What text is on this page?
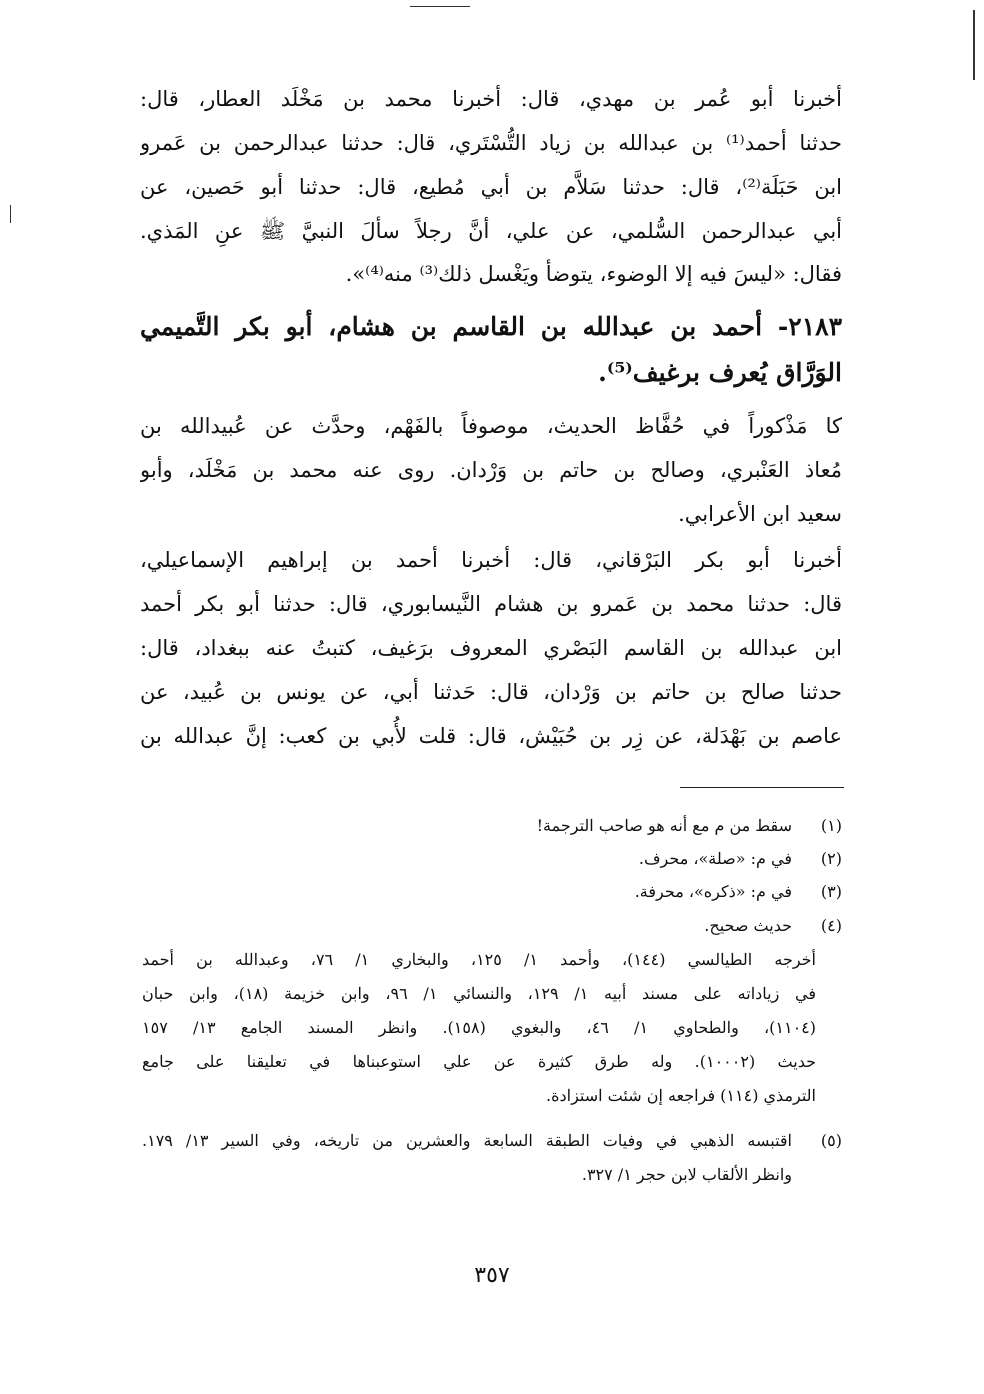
أخبرنا أبو عُمر بن مهدي، قال: أخبرنا محمد بن مَخْلَد العطار، قال:
حدثنا أحمد⁽¹⁾ بن عبدالله بن زياد التُّسْتَري، قال: حدثنا عبدالرحمن بن عَمرو
ابن حَبَلَة⁽²⁾، قال: حدثنا سَلاَّم بن أبي مُطيع، قال: حدثنا أبو حَصين، عن
أبي عبدالرحمن السُّلمي، عن علي، أنَّ رجلاً سألَ النبيَّ ﷺ عنِ المَذي.
فقال: «ليسَ فيه إلا الوضوء، يتوضأ ويَغْسل ذلك⁽³⁾ منه⁽⁴⁾».
٢١٨٣- أحمد بن عبدالله بن القاسم بن هشام، أبو بكر التَّميمي
الوَرَّاق يُعرف برغيف⁽⁵⁾.
كا مَذْكوراً في حُفَّاظ الحديث، موصوفاً بالفَهْم، وحدَّث عن عُبيدالله بن
مُعاذ العَنْبري، وصالح بن حاتم بن وَرْدان. روى عنه محمد بن مَخْلَد، وأبو
سعيد ابن الأعرابي.
أخبرنا أبو بكر البَرْقاني، قال: أخبرنا أحمد بن إبراهيم الإسماعيلي،
قال: حدثنا محمد بن عَمرو بن هشام النَّيسابوري، قال: حدثنا أبو بكر أحمد
ابن عبدالله بن القاسم البَصْري المعروف برَغيف، كتبتُ عنه ببغداد، قال:
حدثنا صالح بن حاتم بن وَرْدان، قال: حَدثنا أبي، عن يونس بن عُبيد، عن
عاصم بن بَهْدَلة، عن زِر بن حُبَيْش، قال: قلت لأُبي بن كعب: إنَّ عبدالله بن
(١)
سقط من م مع أنه هو صاحب الترجمة!
(٢)
في م: «صلة»، محرف.
(٣)
في م: «ذكره»، محرفة.
(٤)
حديث صحيح.
أخرجه الطيالسي (١٤٤)، وأحمد ١/ ١٢٥، والبخاري ١/ ٧٦، وعبدالله بن أحمد
في زياداته على مسند أبيه ١/ ١٢٩، والنسائي ١/ ٩٦، وابن خزيمة (١٨)، وابن حبان
(١١٠٤)، والطحاوي ١/ ٤٦، والبغوي (١٥٨). وانظر المسند الجامع ١٣/ ١٥٧
حديث (١٠٠٠٢). وله طرق كثيرة عن علي استوعبناها في تعليقنا على جامع
الترمذي (١١٤) فراجعه إن شئت استزادة.
(٥)
اقتبسه الذهبي في وفيات الطبقة السابعة والعشرين من تاريخه، وفي السير ١٣/ ١٧٩.
وانظر الألقاب لابن حجر ١/ ٣٢٧.
٣٥٧
